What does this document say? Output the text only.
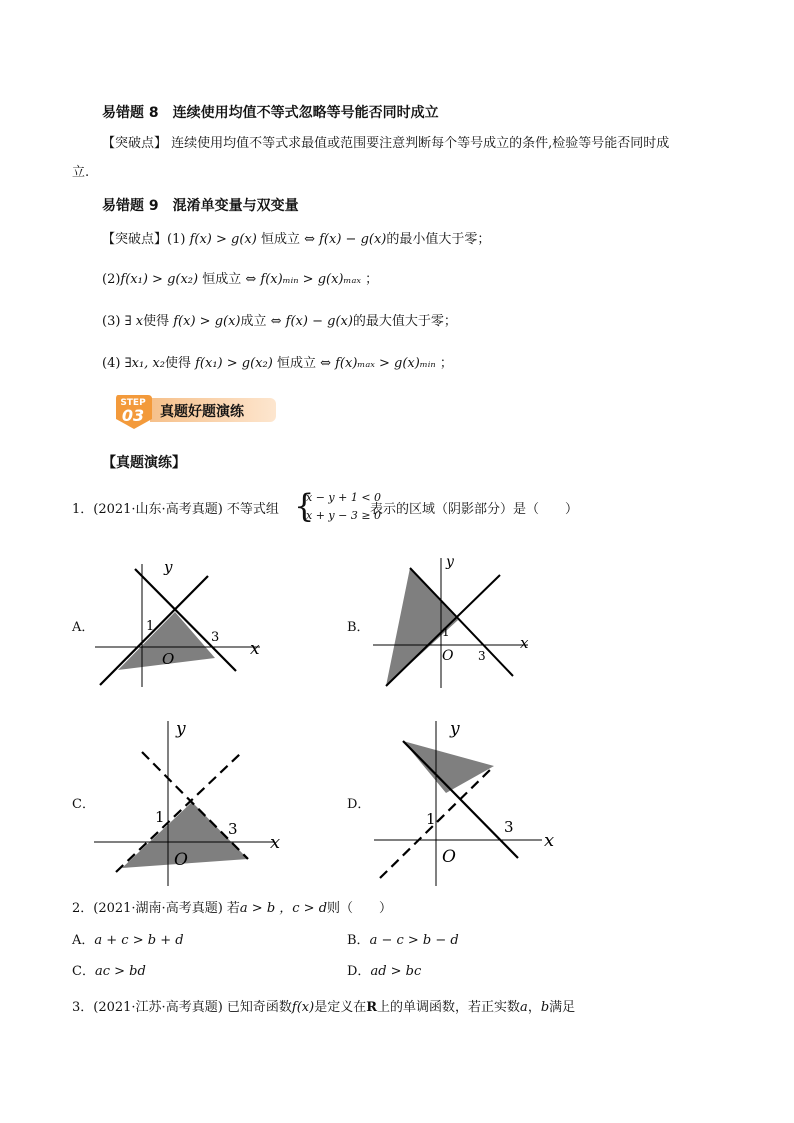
易错题 8　连续使用均值不等式忽略等号能否同时成立
【突破点】 连续使用均值不等式求最值或范围要注意判断每个等号成立的条件,检验等号能否同时成
立.
易错题 9　混淆单变量与双变量
【突破点】(1) f(x) > g(x) 恒成立 ⇔ f(x) − g(x)的最小值大于零；
(2)f(x₁) > g(x₂) 恒成立 ⇔ f(x)ₘᵢₙ > g(x)ₘₐₓ ；
(3) ∃ x使得 f(x) > g(x)成立 ⇔ f(x) − g(x)的最大值大于零；
(4) ∃x₁, x₂使得 f(x₁) > g(x₂) 恒成立 ⇔ f(x)ₘₐₓ > g(x)ₘᵢₙ ；
STEP
03 真题好题演练
【真题演练】
1．(2021·山东·高考真题) 不等式组 {
x − y + 1 < 0
x + y − 3 ≥ 0
表示的区域（阴影部分）是（　　）
A．
y
x
1
3
O
B．
y
x
1
3
O
C．
y
x
1
3
O
D．
y
x
1	3
O
2．(2021·湖南·高考真题) 若a > b ，c > d则（　　）
A．a + c > b + d	B．a − c > b − d
C．ac > bd	D．ad > bc
3．(2021·江苏·高考真题) 已知奇函数f(x)是定义在R上的单调函数，若正实数a，b满足
